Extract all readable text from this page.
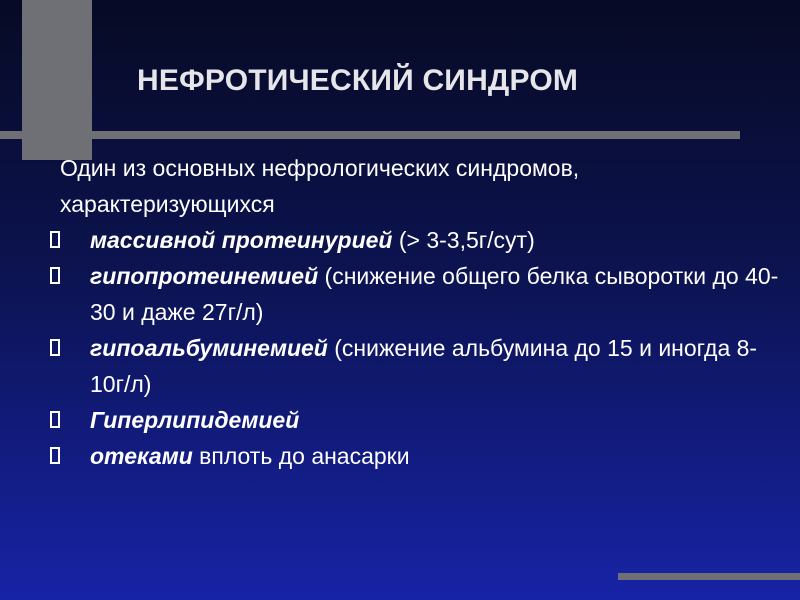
НЕФРОТИЧЕСКИЙ СИНДРОМ

Один из основных нефрологических синдромов, характеризующихся

массивной протеинурией (> 3-3,5г/сут)
гипопротеинемией (снижение общего белка сыворотки до 40-30 и даже 27г/л)
гипоальбуминемией (снижение альбумина до 15 и иногда 8-10г/л)
Гиперлипидемией
отеками вплоть до анасарки
